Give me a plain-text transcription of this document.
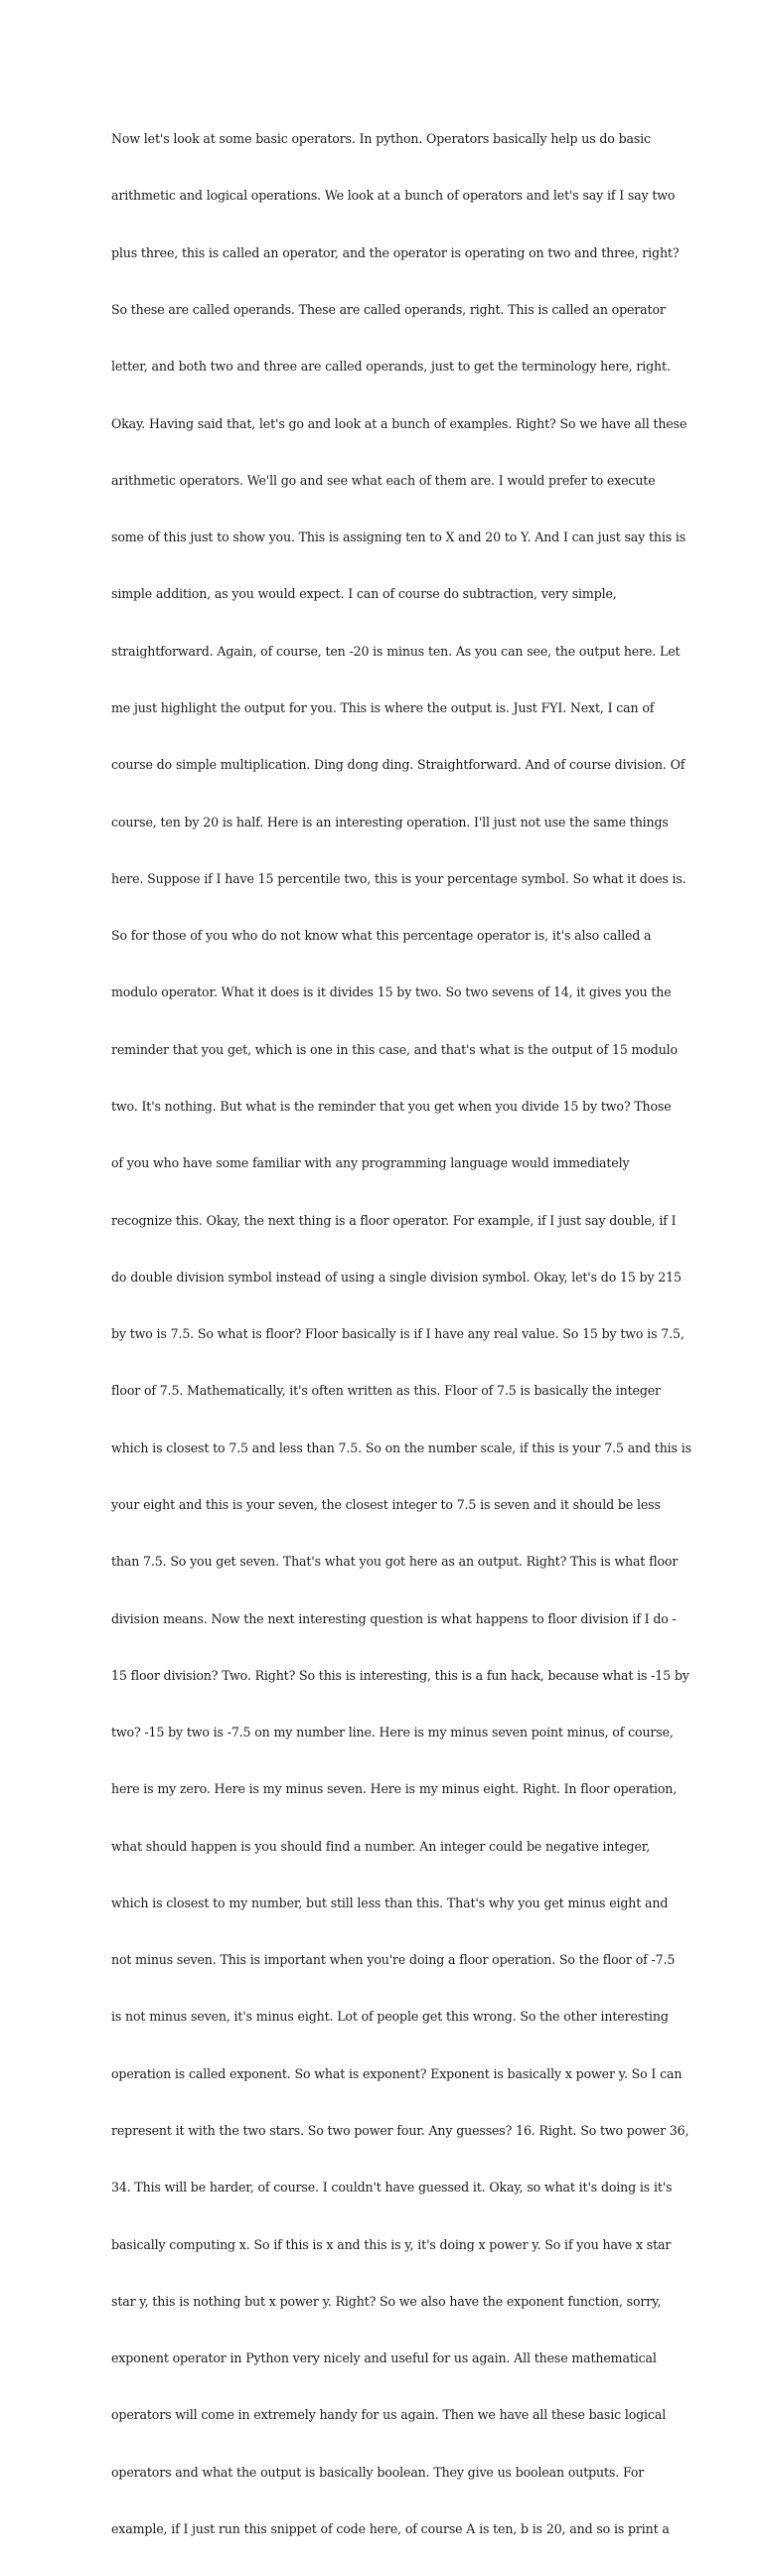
Now let's look at some basic operators. In python. Operators basically help us do basic

arithmetic and logical operations. We look at a bunch of operators and let's say if I say two

plus three, this is called an operator, and the operator is operating on two and three, right?

So these are called operands. These are called operands, right. This is called an operator

letter, and both two and three are called operands, just to get the terminology here, right.

Okay. Having said that, let's go and look at a bunch of examples. Right? So we have all these

arithmetic operators. We'll go and see what each of them are. I would prefer to execute

some of this just to show you. This is assigning ten to X and 20 to Y. And I can just say this is

simple addition, as you would expect. I can of course do subtraction, very simple,

straightforward. Again, of course, ten -20 is minus ten. As you can see, the output here. Let

me just highlight the output for you. This is where the output is. Just FYI. Next, I can of

course do simple multiplication. Ding dong ding. Straightforward. And of course division. Of

course, ten by 20 is half. Here is an interesting operation. I'll just not use the same things

here. Suppose if I have 15 percentile two, this is your percentage symbol. So what it does is.

So for those of you who do not know what this percentage operator is, it's also called a

modulo operator. What it does is it divides 15 by two. So two sevens of 14, it gives you the

reminder that you get, which is one in this case, and that's what is the output of 15 modulo

two. It's nothing. But what is the reminder that you get when you divide 15 by two? Those

of you who have some familiar with any programming language would immediately

recognize this. Okay, the next thing is a floor operator. For example, if I just say double, if I

do double division symbol instead of using a single division symbol. Okay, let's do 15 by 215

by two is 7.5. So what is floor? Floor basically is if I have any real value. So 15 by two is 7.5,

floor of 7.5. Mathematically, it's often written as this. Floor of 7.5 is basically the integer

which is closest to 7.5 and less than 7.5. So on the number scale, if this is your 7.5 and this is

your eight and this is your seven, the closest integer to 7.5 is seven and it should be less

than 7.5. So you get seven. That's what you got here as an output. Right? This is what floor

division means. Now the next interesting question is what happens to floor division if I do -

15 floor division? Two. Right? So this is interesting, this is a fun hack, because what is -15 by

two? -15 by two is -7.5 on my number line. Here is my minus seven point minus, of course,

here is my zero. Here is my minus seven. Here is my minus eight. Right. In floor operation,

what should happen is you should find a number. An integer could be negative integer,

which is closest to my number, but still less than this. That's why you get minus eight and

not minus seven. This is important when you're doing a floor operation. So the floor of -7.5

is not minus seven, it's minus eight. Lot of people get this wrong. So the other interesting

operation is called exponent. So what is exponent? Exponent is basically x power y. So I can

represent it with the two stars. So two power four. Any guesses? 16. Right. So two power 36,

34. This will be harder, of course. I couldn't have guessed it. Okay, so what it's doing is it's

basically computing x. So if this is x and this is y, it's doing x power y. So if you have x star

star y, this is nothing but x power y. Right? So we also have the exponent function, sorry,

exponent operator in Python very nicely and useful for us again. All these mathematical

operators will come in extremely handy for us again. Then we have all these basic logical

operators and what the output is basically boolean. They give us boolean outputs. For

example, if I just run this snippet of code here, of course A is ten, b is 20, and so is print a
